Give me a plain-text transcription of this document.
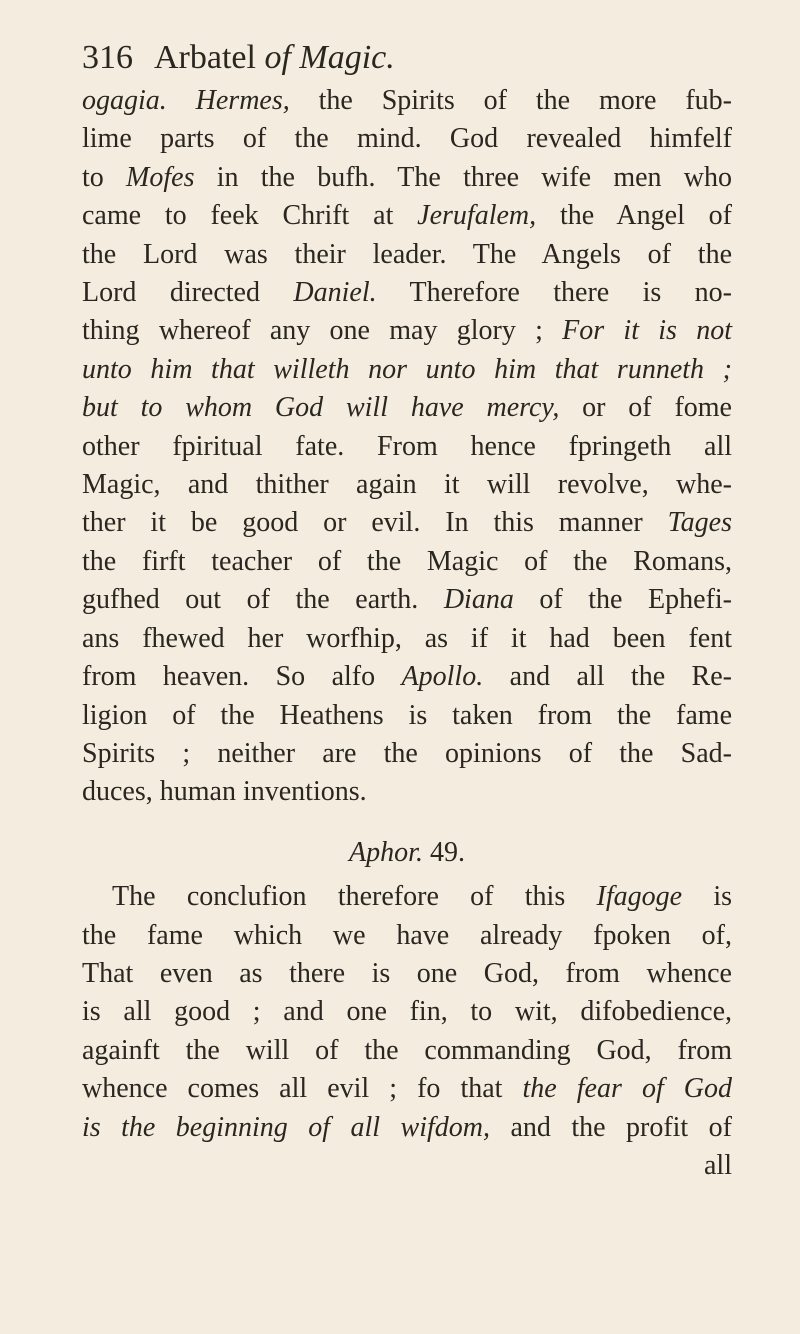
316 Arbatel of Magic.
ogagia. Hermes, the Spirits of the more fub-
lime parts of the mind. God revealed himfelf
to Mofes in the bufh. The three wife men who
came to feek Chrift at Jerufalem, the Angel of
the Lord was their leader. The Angels of the
Lord directed Daniel. Therefore there is no-
thing whereof any one may glory ; For it is not
unto him that willeth nor unto him that runneth ;
but to whom God will have mercy, or of fome
other fpiritual fate. From hence fpringeth all
Magic, and thither again it will revolve, whe-
ther it be good or evil. In this manner Tages
the firft teacher of the Magic of the Romans,
gufhed out of the earth. Diana of the Ephefi-
ans fhewed her worfhip, as if it had been fent
from heaven. So alfo Apollo. and all the Re-
ligion of the Heathens is taken from the fame
Spirits ; neither are the opinions of the Sad-
duces, human inventions.
Aphor. 49.
The conclufion therefore of this Ifagoge is
the fame which we have already fpoken of,
That even as there is one God, from whence
is all good ; and one fin, to wit, difobedience,
againft the will of the commanding God, from
whence comes all evil ; fo that the fear of God
is the beginning of all wifdom, and the profit of
all
